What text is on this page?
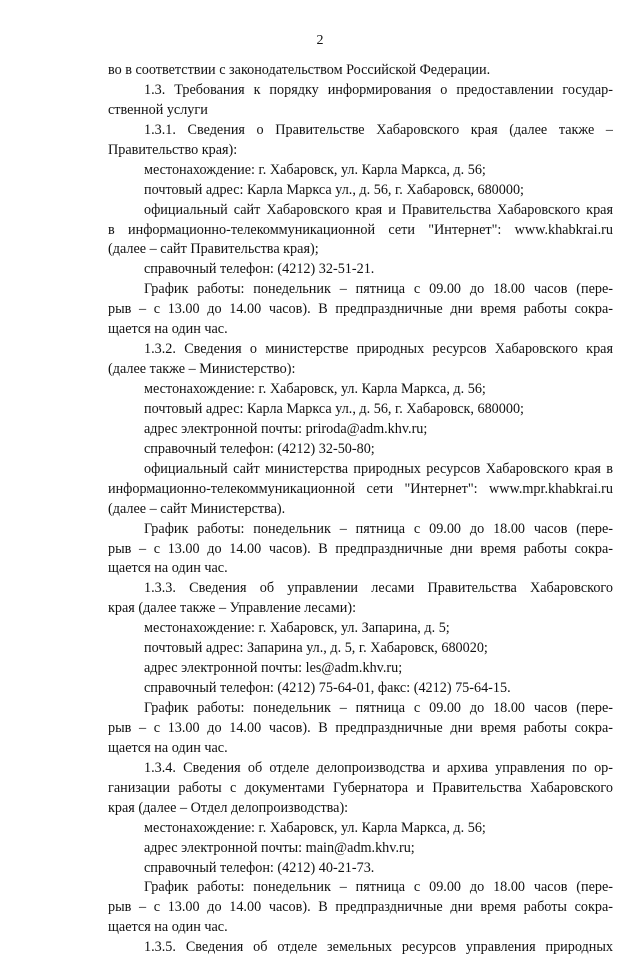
2
во в соответствии с законодательством Российской Федерации.
1.3. Требования к порядку информирования о предоставлении государ-
ственной услуги
1.3.1. Сведения о Правительстве Хабаровского края (далее также –
Правительство края):
местонахождение: г. Хабаровск, ул. Карла Маркса, д. 56;
почтовый адрес: Карла Маркса ул., д. 56, г. Хабаровск, 680000;
официальный сайт Хабаровского края и Правительства Хабаровского края
в информационно-телекоммуникационной сети "Интернет": www.khabkrai.ru
(далее – сайт Правительства края);
справочный телефон: (4212) 32-51-21.
График работы: понедельник – пятница с 09.00 до 18.00 часов (пере-
рыв – с 13.00 до 14.00 часов). В предпраздничные дни время работы сокра-
щается на один час.
1.3.2. Сведения о министерстве природных ресурсов Хабаровского края
(далее также – Министерство):
местонахождение: г. Хабаровск, ул. Карла Маркса, д. 56;
почтовый адрес: Карла Маркса ул., д. 56, г. Хабаровск, 680000;
адрес электронной почты: priroda@adm.khv.ru;
справочный телефон: (4212) 32-50-80;
официальный сайт министерства природных ресурсов Хабаровского края в
информационно-телекоммуникационной сети "Интернет": www.mpr.khabkrai.ru
(далее – сайт Министерства).
График работы: понедельник – пятница с 09.00 до 18.00 часов (пере-
рыв – с 13.00 до 14.00 часов). В предпраздничные дни время работы сокра-
щается на один час.
1.3.3. Сведения об управлении лесами Правительства Хабаровского
края (далее также – Управление лесами):
местонахождение: г. Хабаровск, ул. Запарина, д. 5;
почтовый адрес: Запарина ул., д. 5, г. Хабаровск, 680020;
адрес электронной почты: les@adm.khv.ru;
справочный телефон: (4212) 75-64-01, факс: (4212) 75-64-15.
График работы: понедельник – пятница с 09.00 до 18.00 часов (пере-
рыв – с 13.00 до 14.00 часов). В предпраздничные дни время работы сокра-
щается на один час.
1.3.4. Сведения об отделе делопроизводства и архива управления по ор-
ганизации работы с документами Губернатора и Правительства Хабаровского
края (далее – Отдел делопроизводства):
местонахождение: г. Хабаровск, ул. Карла Маркса, д. 56;
адрес электронной почты: main@adm.khv.ru;
справочный телефон: (4212) 40-21-73.
График работы: понедельник – пятница с 09.00 до 18.00 часов (пере-
рыв – с 13.00 до 14.00 часов). В предпраздничные дни время работы сокра-
щается на один час.
1.3.5. Сведения об отделе земельных ресурсов управления природных
